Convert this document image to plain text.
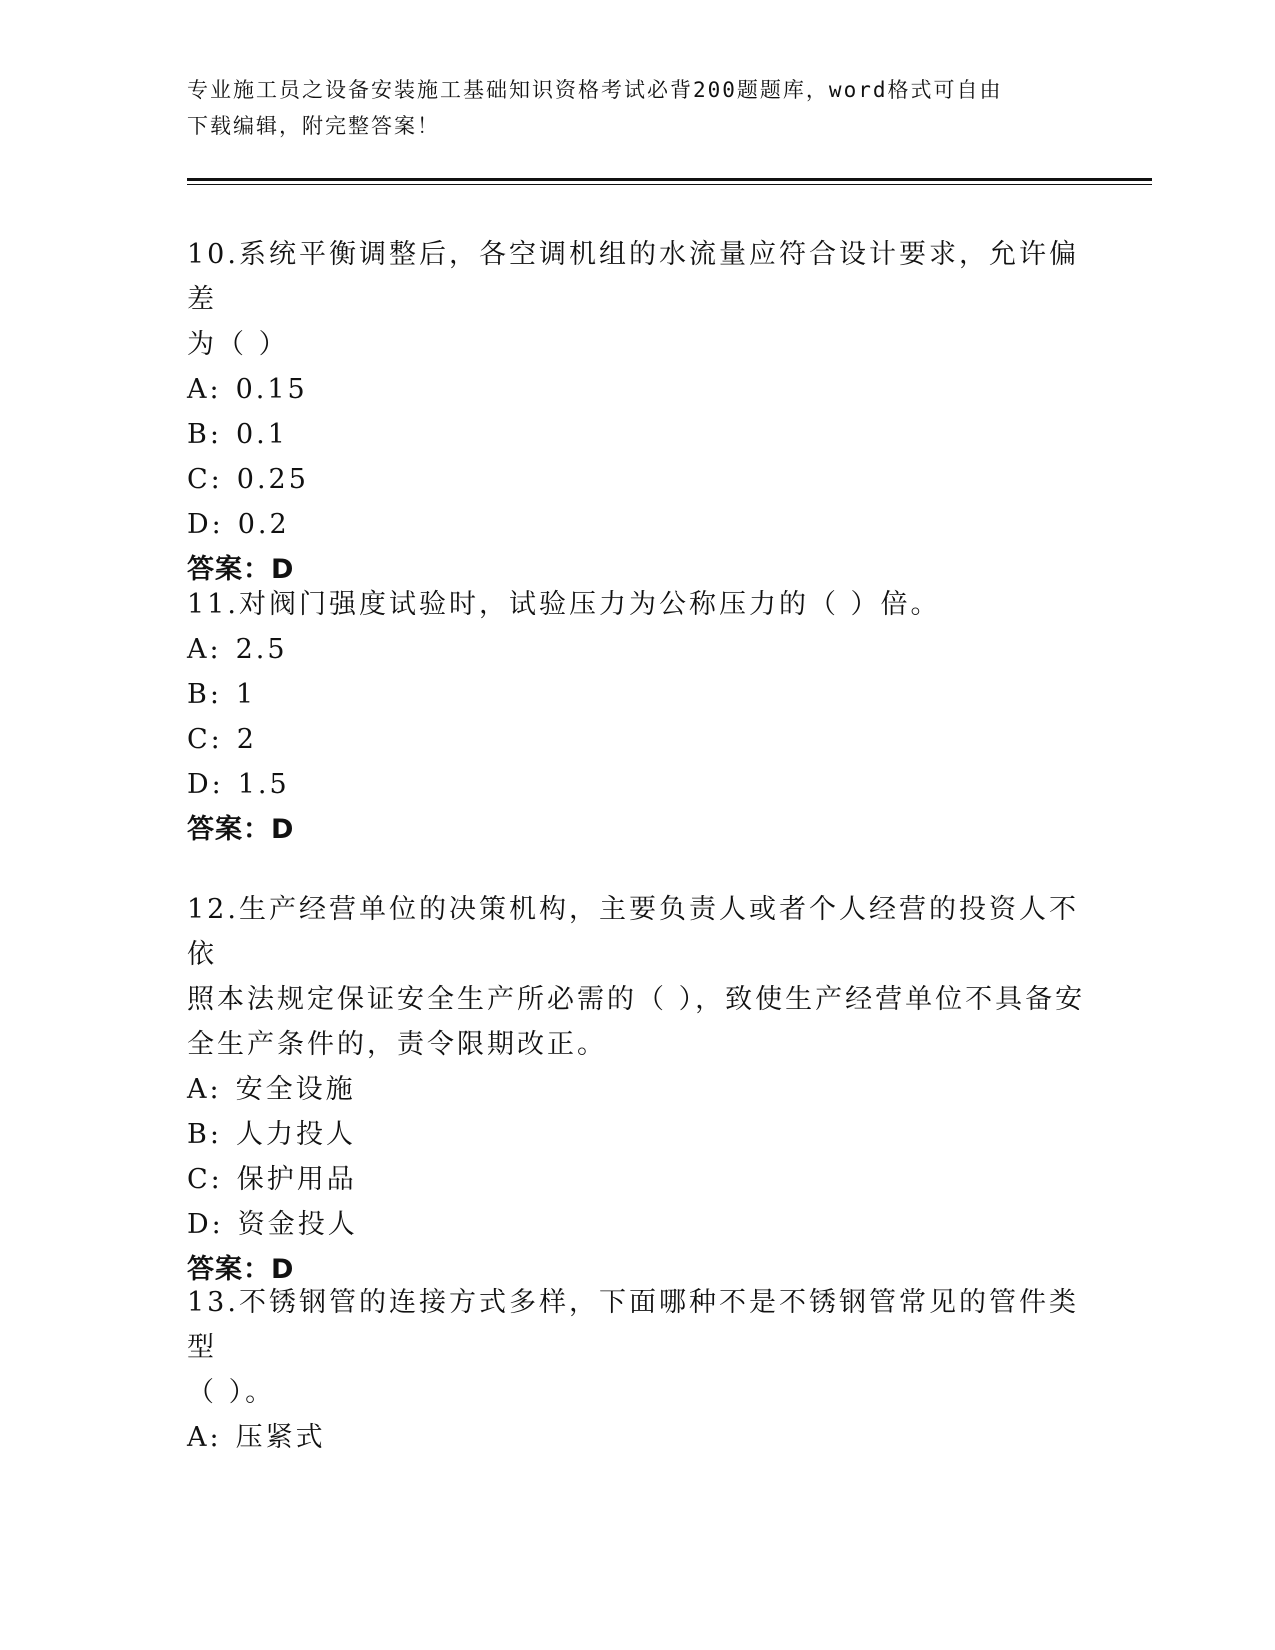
专业施工员之设备安装施工基础知识资格考试必背200题题库，word格式可自由
下载编辑，附完整答案！

10.系统平衡调整后，各空调机组的水流量应符合设计要求，允许偏差

为（ ）

A: 0.15

B: 0.1

C: 0.25

D: 0.2

答案：D

11.对阀门强度试验时，试验压力为公称压力的（ ）倍。

A: 2.5

B: 1

C: 2

D: 1.5

答案：D

12.生产经营单位的决策机构，主要负责人或者个人经营的投资人不依

照本法规定保证安全生产所必需的（ ），致使生产经营单位不具备安

全生产条件的，责令限期改正。

A: 安全设施

B: 人力投人

C: 保护用品

D: 资金投人

答案：D

13.不锈钢管的连接方式多样，下面哪种不是不锈钢管常见的管件类型

（ ）。

A: 压紧式
